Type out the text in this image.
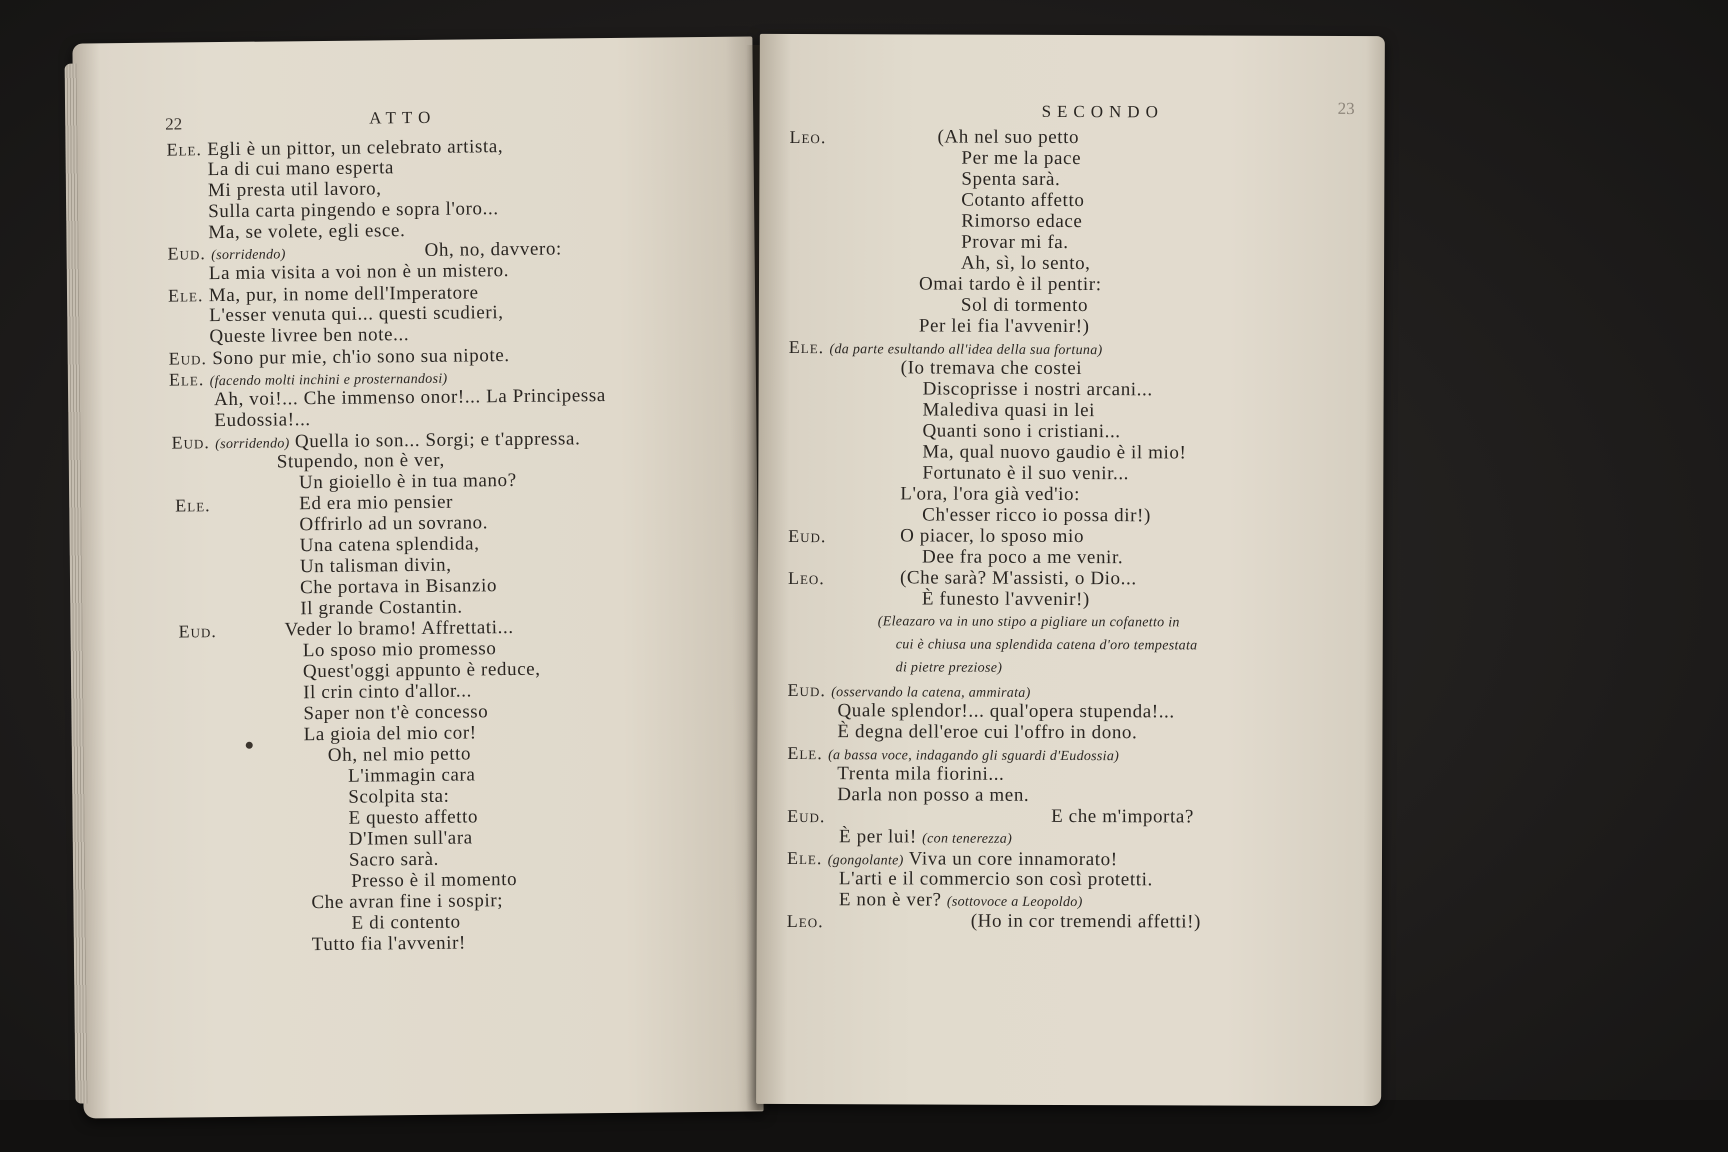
22	ATTO
Ele. Egli è un pittor, un celebrato artista,
La di cui mano esperta
Mi presta util lavoro,
Sulla carta pingendo e sopra l'oro...
Ma, se volete, egli esce.
Eud. (sorridendo)	Oh, no, davvero:
La mia visita a voi non è un mistero.
Ele. Ma, pur, in nome dell'Imperatore
L'esser venuta qui... questi scudieri,
Queste livree ben note...
Eud. Sono pur mie, ch'io sono sua nipote.
Ele. (facendo molti inchini e prosternandosi)
Ah, voi!... Che immenso onor!... La Principessa
Eudossia!...
Eud. (sorridendo) Quella io son... Sorgi; e t'appressa.
Stupendo, non è ver,
Un gioiello è in tua mano?
Ele.	Ed era mio pensier
Offrirlo ad un sovrano.
Una catena splendida,
Un talisman divin,
Che portava in Bisanzio
Il grande Costantin.
Eud.	Veder lo bramo! Affrettati...
Lo sposo mio promesso
Quest'oggi appunto è reduce,
Il crin cinto d'allor...
Saper non t'è concesso
La gioia del mio cor!
Oh, nel mio petto
L'immagin cara
Scolpita sta:
E questo affetto
D'Imen sull'ara
Sacro sarà.
Presso è il momento
Che avran fine i sospir;
E di contento
Tutto fia l'avvenir!
SECONDO	23
Leo.	(Ah nel suo petto
Per me la pace
Spenta sarà.
Cotanto affetto
Rimorso edace
Provar mi fa.
Ah, sì, lo sento,
Omai tardo è il pentir:
Sol di tormento
Per lei fia l'avvenir!)
Ele. (da parte esultando all'idea della sua fortuna)
(Io tremava che costei
Discoprisse i nostri arcani...
Malediva quasi in lei
Quanti sono i cristiani...
Ma, qual nuovo gaudio è il mio!
Fortunato è il suo venir...
L'ora, l'ora già ved'io:
Ch'esser ricco io possa dir!)
Eud.	O piacer, lo sposo mio
Dee fra poco a me venir.
Leo.	(Che sarà? M'assisti, o Dio...
È funesto l'avvenir!)
(Eleazaro va in uno stipo a pigliare un cofanetto in
cui è chiusa una splendida catena d'oro tempestata
di pietre preziose)
Eud. (osservando la catena, ammirata)
Quale splendor!... qual'opera stupenda!...
È degna dell'eroe cui l'offro in dono.
Ele. (a bassa voce, indagando gli sguardi d'Eudossia)
Trenta mila fiorini...
Darla non posso a men.
Eud.	E che m'importa?
È per lui! (con tenerezza)
Ele. (gongolante) Viva un core innamorato!
L'arti e il commercio son così protetti.
E non è ver? (sottovoce a Leopoldo)
Leo.	(Ho in cor tremendi affetti!)
